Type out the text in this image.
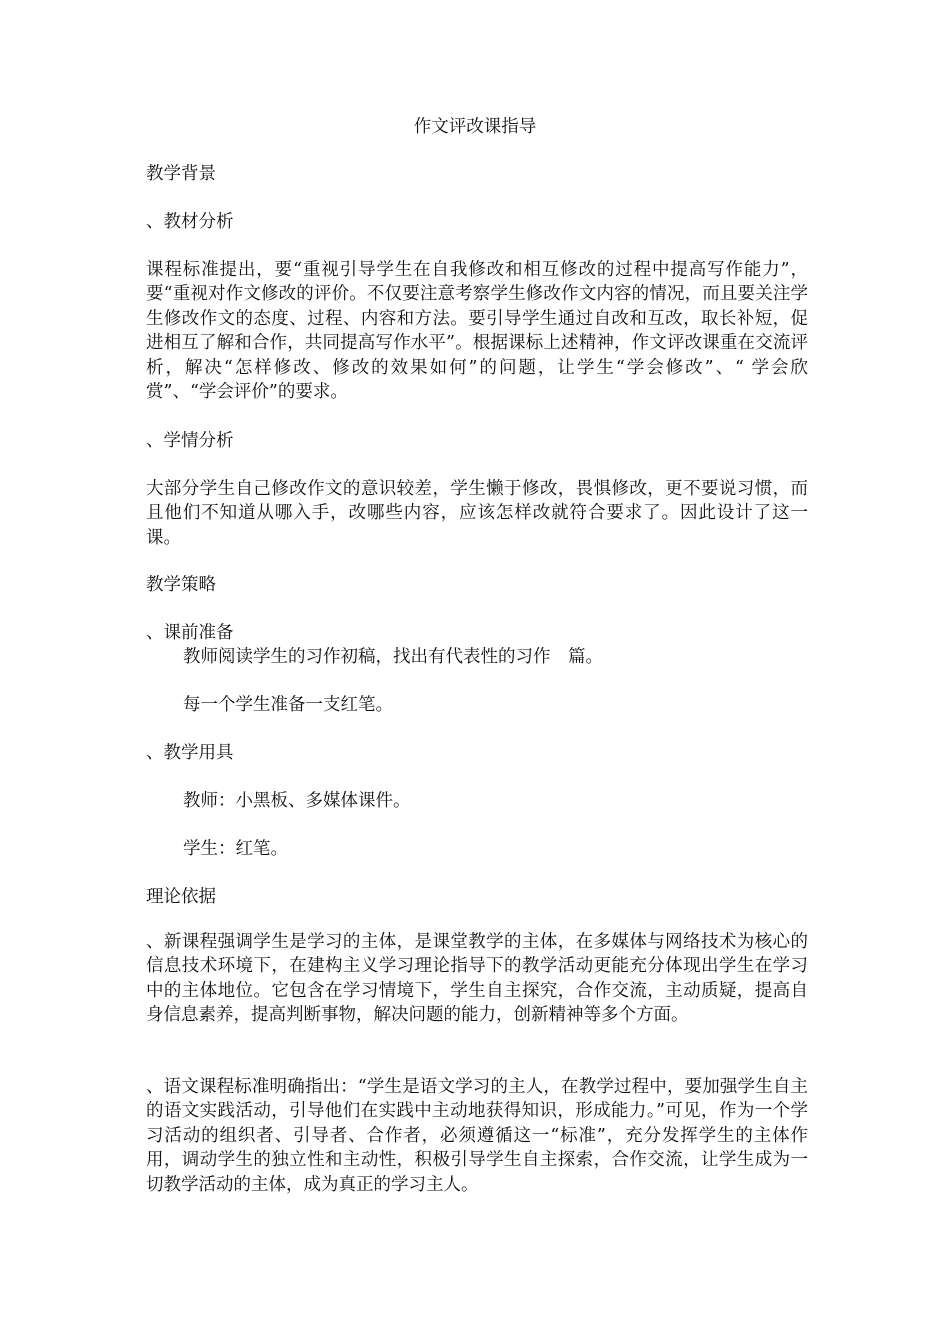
作文评改课指导

教学背景

、教材分析

课程标准提出，要“重视引导学生在自我修改和相互修改的过程中提高写作能力”，要“重视对作文修改的评价。不仅要注意考察学生修改作文内容的情况，而且要关注学生修改作文的态度、过程、内容和方法。要引导学生通过自改和互改，取长补短，促进相互了解和合作，共同提高写作水平”。根据课标上述精神，作文评改课重在交流评析，解决“怎样修改、修改的效果如何”的问题，让学生“学会修改”、“ 学会欣赏”、“学会评价”的要求。

、学情分析

大部分学生自己修改作文的意识较差，学生懒于修改，畏惧修改，更不要说习惯，而且他们不知道从哪入手，改哪些内容，应该怎样改就符合要求了。因此设计了这一课。

教学策略

、课前准备

教师阅读学生的习作初稿，找出有代表性的习作　篇。

每一个学生准备一支红笔。

、教学用具

教师：小黑板、多媒体课件。

学生：红笔。

理论依据

、新课程强调学生是学习的主体，是课堂教学的主体，在多媒体与网络技术为核心的信息技术环境下，在建构主义学习理论指导下的教学活动更能充分体现出学生在学习中的主体地位。它包含在学习情境下，学生自主探究，合作交流，主动质疑，提高自身信息素养，提高判断事物，解决问题的能力，创新精神等多个方面。

、语文课程标准明确指出：“学生是语文学习的主人，在教学过程中，要加强学生自主的语文实践活动，引导他们在实践中主动地获得知识，形成能力。”可见，作为一个学习活动的组织者、引导者、合作者，必须遵循这一“标准”，充分发挥学生的主体作用，调动学生的独立性和主动性，积极引导学生自主探索，合作交流，让学生成为一切教学活动的主体，成为真正的学习主人。
